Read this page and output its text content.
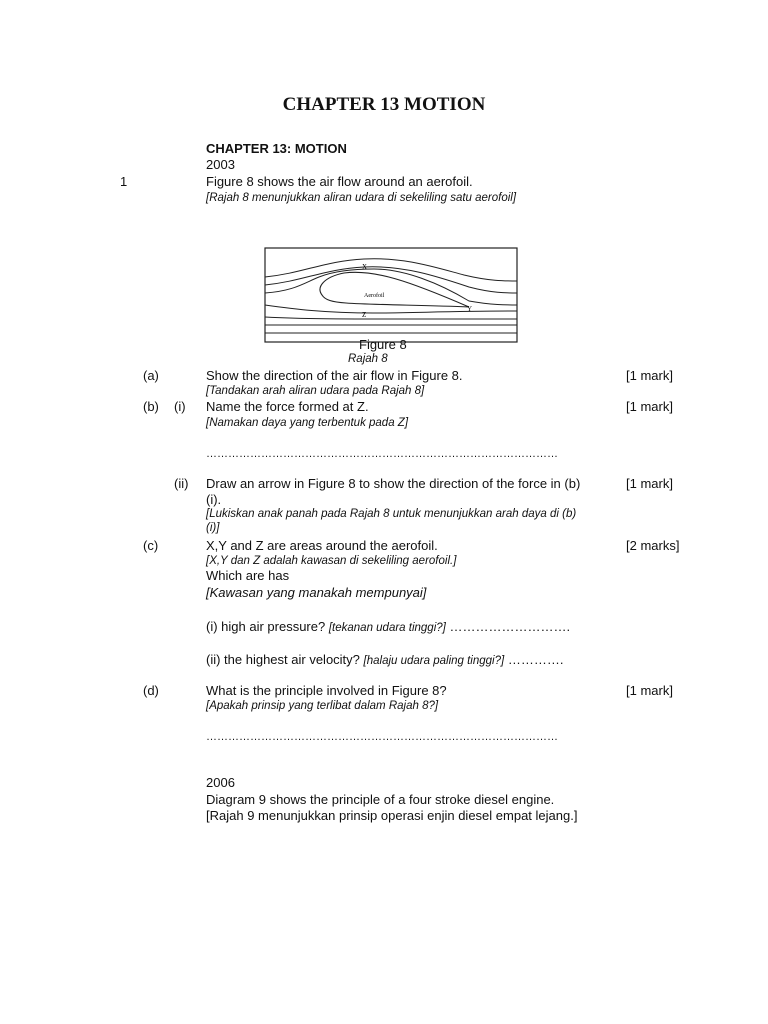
CHAPTER 13 MOTION
CHAPTER 13: MOTION
2003
1	Figure 8 shows the air flow around an aerofoil.
[Rajah 8 menunjukkan aliran udara di sekeliling satu aerofoil]
X
Y
Z
Aerofoil
Figure 8
Rajah 8
(a)	Show the direction of the air flow in Figure 8.	[1 mark]
[Tandakan arah aliran udara pada Rajah 8]
(b) (i) Name the force formed at Z.	[1 mark]
[Namakan daya yang terbentuk pada Z]
……………………………………………………………………………………
(ii) Draw an arrow in Figure 8 to show the direction of the force in (b)	[1 mark]
(i).
[Lukiskan anak panah pada Rajah 8 untuk menunjukkan arah daya di (b)
(i)]
(c)	X,Y and Z are areas around the aerofoil.	[2 marks]
[X,Y dan Z adalah kawasan di sekeliling aerofoil.]
Which are has
[Kawasan yang manakah mempunyai]
(i) high air pressure? [tekanan udara tinggi?] ……………………….
(ii) the highest air velocity? [halaju udara paling tinggi?] ………….
(d)	What is the principle involved in Figure 8?	[1 mark]
[Apakah prinsip yang terlibat dalam Rajah 8?]
……………………………………………………………………………………
2006
Diagram 9 shows the principle of a four stroke diesel engine.
[Rajah 9 menunjukkan prinsip operasi enjin diesel empat lejang.]
